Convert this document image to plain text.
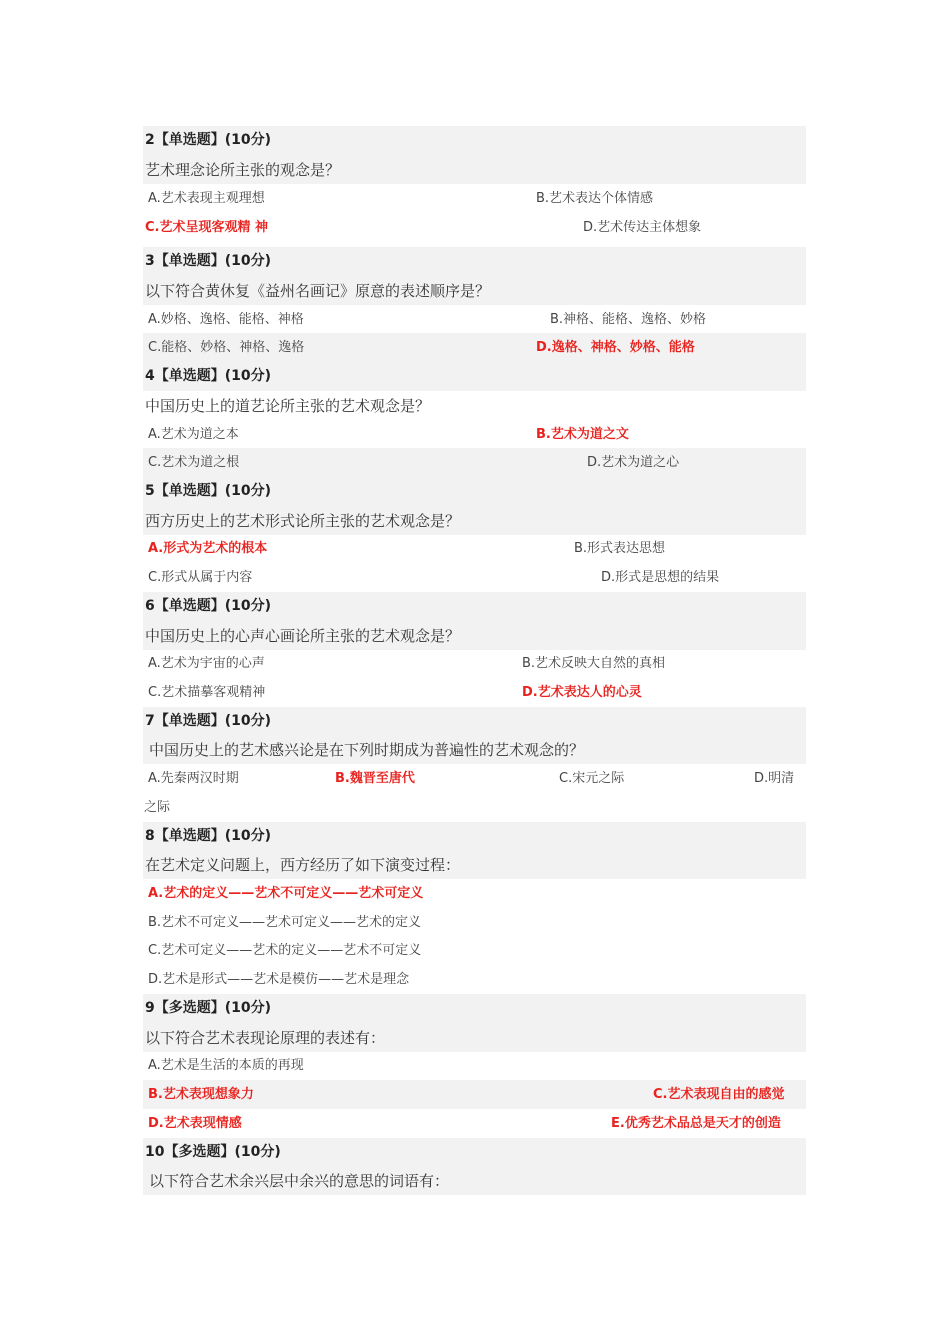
2【单选题】(10分)
艺术理念论所主张的观念是？
A.艺术表现主观理想	B.艺术表达个体情感
C.艺术呈现客观精 神	D.艺术传达主体想象
3【单选题】(10分)
以下符合黄休复《益州名画记》原意的表述顺序是？
A.妙格、逸格、能格、神格	B.神格、能格、逸格、妙格
C.能格、妙格、神格、逸格	D.逸格、神格、妙格、能格
4【单选题】(10分)
中国历史上的道艺论所主张的艺术观念是？
A.艺术为道之本	B.艺术为道之文
C.艺术为道之根	D.艺术为道之心
5【单选题】(10分)
西方历史上的艺术形式论所主张的艺术观念是？
A.形式为艺术的根本	B.形式表达思想
C.形式从属于内容	D.形式是思想的结果
6【单选题】(10分)
中国历史上的心声心画论所主张的艺术观念是？
A.艺术为宇宙的心声	B.艺术反映大自然的真相
C.艺术描摹客观精神	D.艺术表达人的心灵
7【单选题】(10分)
中国历史上的艺术感兴论是在下列时期成为普遍性的艺术观念的？
A.先秦两汉时期	B.魏晋至唐代	C.宋元之际	D.明清
之际
8【单选题】(10分)
在艺术定义问题上，西方经历了如下演变过程：
A.艺术的定义——艺术不可定义——艺术可定义
B.艺术不可定义——艺术可定义——艺术的定义
C.艺术可定义——艺术的定义——艺术不可定义
D.艺术是形式——艺术是模仿——艺术是理念
9【多选题】(10分)
以下符合艺术表现论原理的表述有：
A.艺术是生活的本质的再现
B.艺术表现想象力	C.艺术表现自由的感觉
D.艺术表现情感	E.优秀艺术品总是天才的创造
10【多选题】(10分)
以下符合艺术余兴层中余兴的意思的词语有：
